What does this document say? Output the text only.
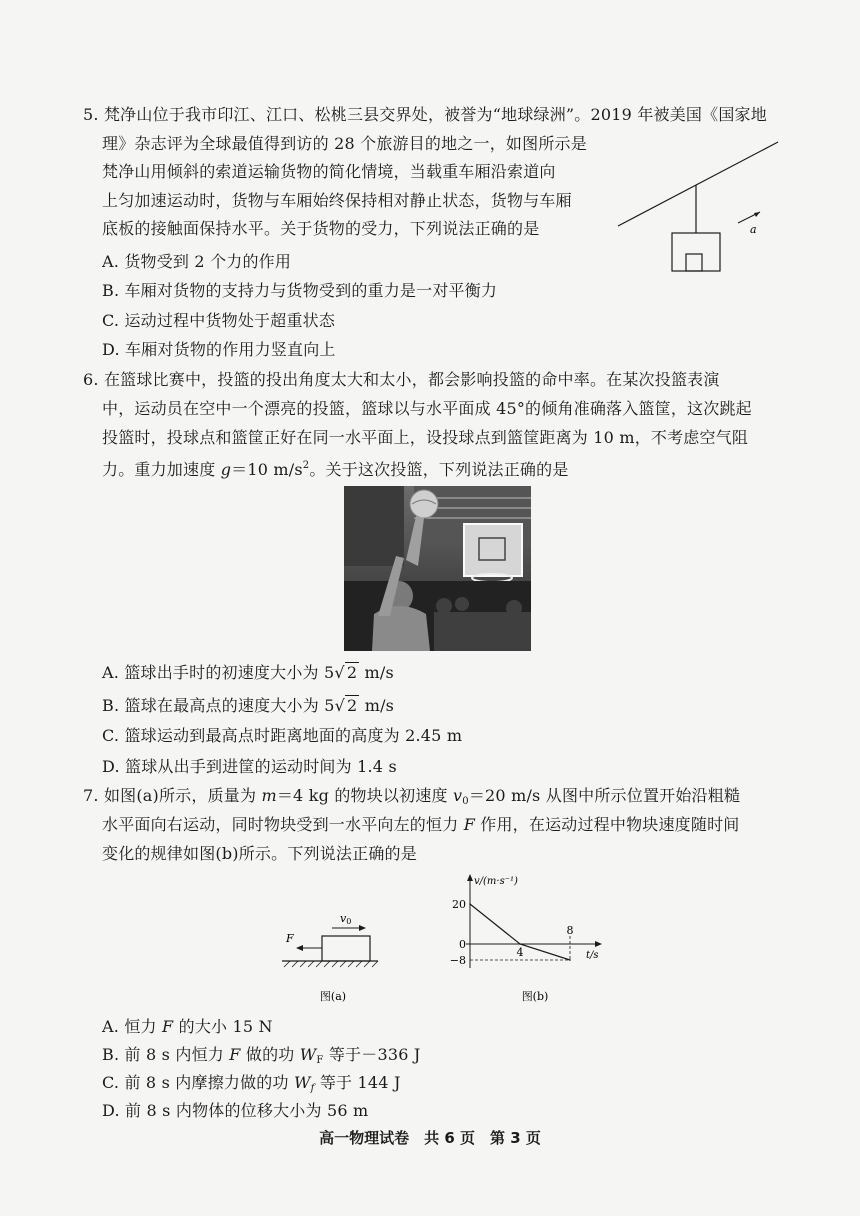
5. 梵净山位于我市印江、江口、松桃三县交界处，被誉为“地球绿洲”。2019 年被美国《国家地
理》杂志评为全球最值得到访的 28 个旅游目的地之一，如图所示是
梵净山用倾斜的索道运输货物的简化情境，当载重车厢沿索道向
上匀加速运动时，货物与车厢始终保持相对静止状态，货物与车厢
底板的接触面保持水平。关于货物的受力，下列说法正确的是	a
A. 货物受到 2 个力的作用
B. 车厢对货物的支持力与货物受到的重力是一对平衡力
C. 运动过程中货物处于超重状态
D. 车厢对货物的作用力竖直向上
6. 在篮球比赛中，投篮的投出角度太大和太小，都会影响投篮的命中率。在某次投篮表演
中，运动员在空中一个漂亮的投篮，篮球以与水平面成 45°的倾角准确落入篮筐，这次跳起
投篮时，投球点和篮筐正好在同一水平面上，设投球点到篮筐距离为 10 m，不考虑空气阻
力。重力加速度 g＝10 $m/s^2$。关于这次投篮，下列说法正确的是
A. 篮球出手时的初速度大小为 5√ 2 m/s
B. 篮球在最高点的速度大小为 5√ 2 m/s
C. 篮球运动到最高点时距离地面的高度为 2.45 m
D. 篮球从出手到进筐的运动时间为 1.4 s
7. 如图(a)所示，质量为 m＝4 kg 的物块以初速度 $v_0=20$ m/s 从图中所示位置开始沿粗糙
水平面向右运动，同时物块受到一水平向左的恒力 F 作用，在运动过程中物块速度随时间
变化的规律如图(b)所示。下列说法正确的是
F
v0
图(a)
v/(m·s⁻¹)
t/s
20
0
−8
4
8
图(b)
A. 恒力 F 的大小 15 N
B. 前 8 s 内恒力 F 做的功 $W_F$ 等于－336 J
C. 前 8 s 内摩擦力做的功 $W_f$ 等于 144 J
D. 前 8 s 内物体的位移大小为 56 m
高一物理试卷　共 6 页　第 3 页
